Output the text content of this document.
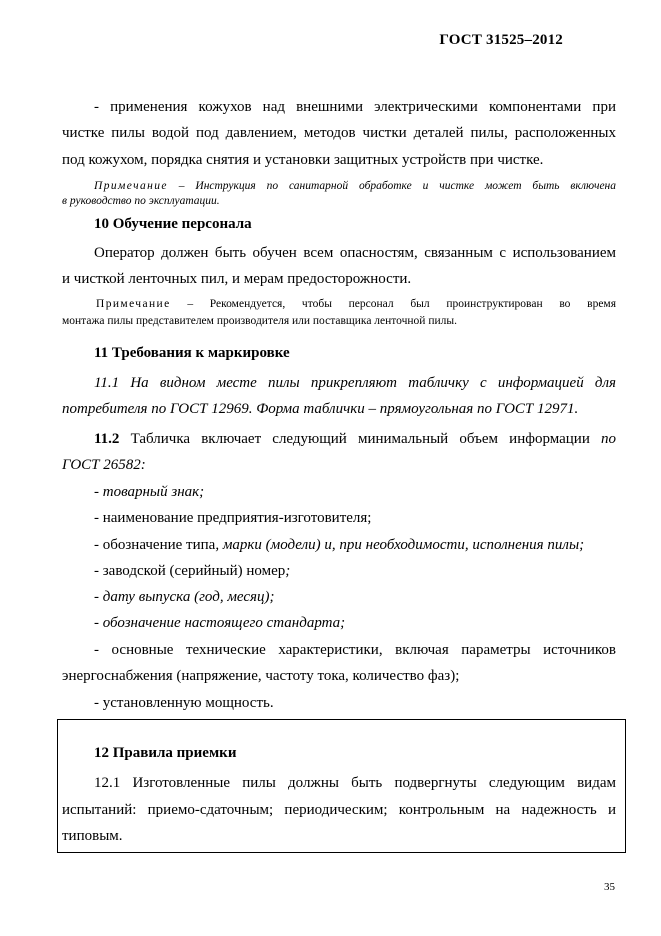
ГОСТ 31525–2012
- применения кожухов над внешними электрическими компонентами при
чистке пилы водой под давлением, методов чистки деталей пилы, расположенных
под кожухом, порядка снятия и установки защитных устройств при чистке.
Примечание – Инструкция по санитарной обработке и чистке может быть включена
в руководство по эксплуатации.
10 Обучение персонала
Оператор должен быть обучен всем опасностям, связанным с использованием
и чисткой ленточных пил, и мерам предосторожности.
Примечание – Рекомендуется, чтобы персонал был проинструктирован во время
монтажа пилы представителем производителя или поставщика ленточной пилы.
11 Требования к маркировке
11.1 На видном месте пилы прикрепляют табличку с информацией для
потребителя по ГОСТ 12969. Форма таблички – прямоугольная по ГОСТ 12971.
11.2 Табличка включает следующий минимальный объем информации по
ГОСТ 26582:
- товарный знак;
- наименование предприятия-изготовителя;
- обозначение типа, марки (модели) и, при необходимости, исполнения пилы;
- заводской (серийный) номер;
- дату выпуска (год, месяц);
- обозначение настоящего стандарта;
- основные технические характеристики, включая параметры источников
энергоснабжения (напряжение, частоту тока, количество фаз);
- установленную мощность.
12 Правила приемки
12.1 Изготовленные пилы должны быть подвергнуты следующим видам
испытаний: приемо-сдаточным; периодическим; контрольным на надежность и
типовым.
35
